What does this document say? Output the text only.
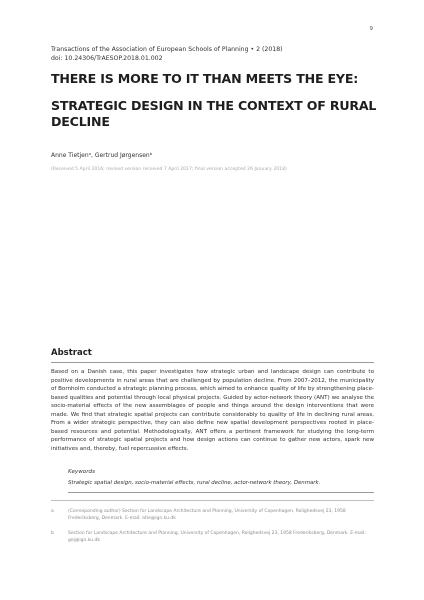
9
Transactions of the Association of European Schools of Planning • 2 (2018)
doi: 10.24306/TrAESOP.2018.01.002
THERE IS MORE TO IT THAN MEETS THE EYE:
STRATEGIC DESIGN IN THE CONTEXT OF RURAL DECLINE
Anne Tietjenᵃ, Gertrud Jørgensenᵇ
(Received 5 April 2016; revised version received 7 April 2017; final version accepted 26 January 2018)
Abstract

Based on a Danish case, this paper investigates how strategic urban and landscape design can contribute to positive developments in rural areas that are challenged by population decline. From 2007–2012, the municipality of Bornholm conducted a strategic planning process, which aimed to enhance quality of life by strengthening place-based qualities and potential through local physical projects. Guided by actor-network theory (ANT) we analyse the socio-material effects of the new assemblages of people and things around the design interventions that were made. We find that strategic spatial projects can contribute considerably to quality of life in declining rural areas. From a wider strategic perspective, they can also define new spatial development perspectives rooted in place-based resources and potential. Methodologically, ANT offers a pertinent framework for studying the long-term performance of strategic spatial projects and how design actions can continue to gather new actors, spark new initiatives and, thereby, fuel repercussive effects.

Keywords
Strategic spatial design, socio-material effects, rural decline, actor-network theory, Denmark.
a	(Corresponding author) Section for Landscape Architecture and Planning, University of Copenhagen, Rolighedsvej 23, 1958 Frederiksberg, Denmark. E-mail: atie@ign.ku.dk
b	Section for Landscape Architecture and Planning, University of Copenhagen, Rolighedsvej 23, 1958 Frederiksberg, Denmark. E-mail: gej@ign.ku.dk
